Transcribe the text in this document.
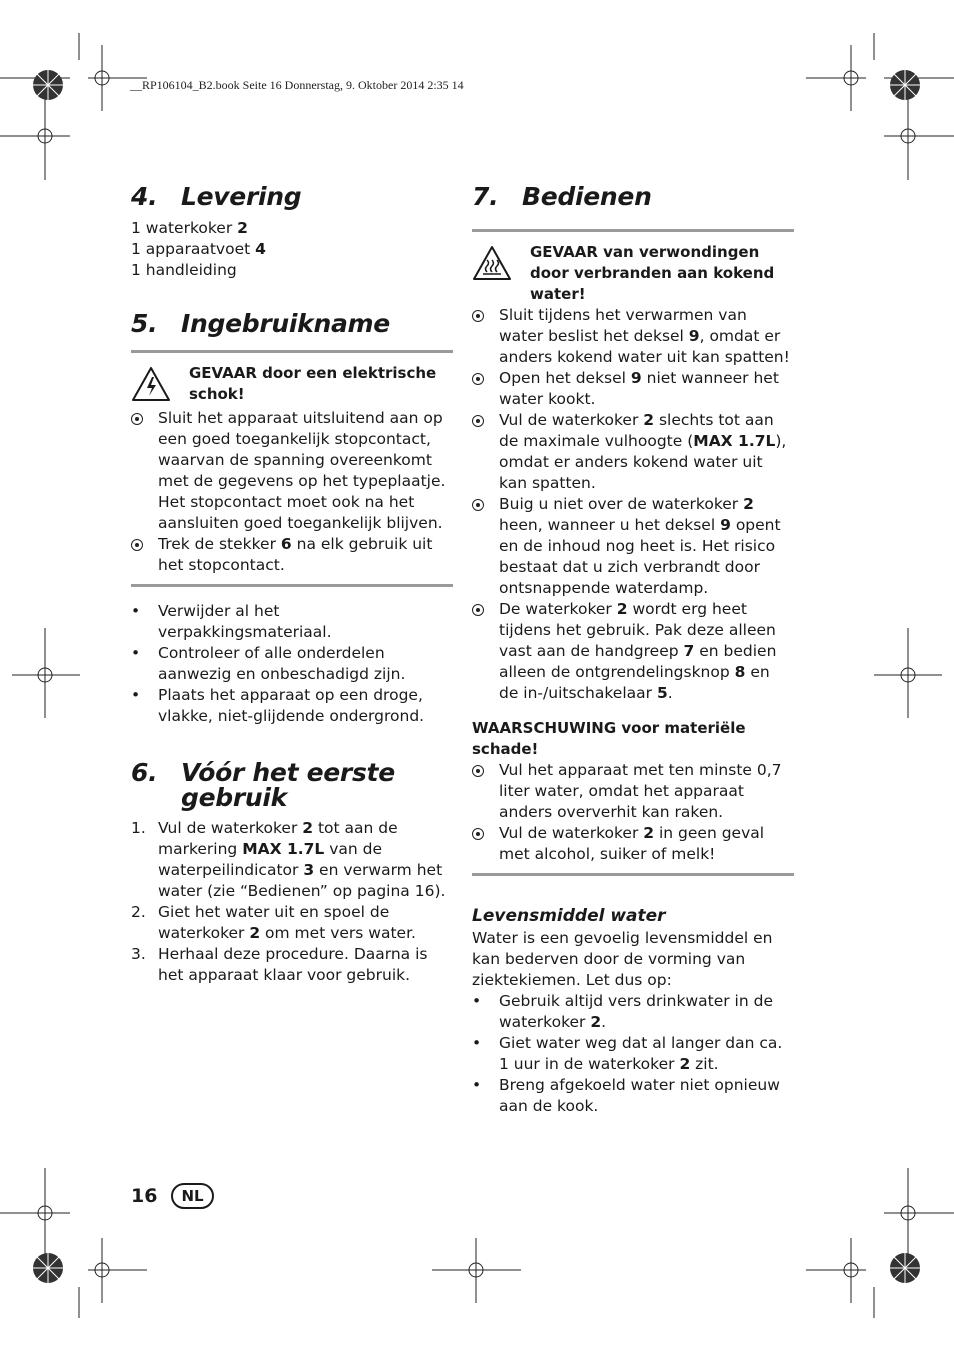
__RP106104_B2.book Seite 16 Donnerstag, 9. Oktober 2014 2:35 14
4. Levering
1 waterkoker 2
1 apparaatvoet 4
1 handleiding
5. Ingebruikname
GEVAAR door een elektrische schok!
Sluit het apparaat uitsluitend aan op een goed toegankelijk stopcontact, waarvan de spanning overeenkomt met de gegevens op het typeplaatje. Het stopcontact moet ook na het aansluiten goed toegankelijk blijven.
Trek de stekker 6 na elk gebruik uit het stopcontact.
•	Verwijder al het verpakkingsmateriaal.
•	Controleer of alle onderdelen aanwezig en onbeschadigd zijn.
•	Plaats het apparaat op een droge, vlakke, niet-glijdende ondergrond.
6. Vóór het eerste gebruik
1. Vul de waterkoker 2 tot aan de markering MAX 1.7L van de waterpeilindicator 3 en verwarm het water (zie “Bedienen” op pagina 16).
2. Giet het water uit en spoel de waterkoker 2 om met vers water.
3. Herhaal deze procedure. Daarna is het apparaat klaar voor gebruik.
7. Bedienen
GEVAAR van verwondingen door verbranden aan kokend water!
Sluit tijdens het verwarmen van water beslist het deksel 9, omdat er anders kokend water uit kan spatten!
Open het deksel 9 niet wanneer het water kookt.
Vul de waterkoker 2 slechts tot aan de maximale vulhoogte (MAX 1.7L), omdat er anders kokend water uit kan spatten.
Buig u niet over de waterkoker 2 heen, wanneer u het deksel 9 opent en de inhoud nog heet is. Het risico bestaat dat u zich verbrandt door ontsnappende waterdamp.
De waterkoker 2 wordt erg heet tijdens het gebruik. Pak deze alleen vast aan de handgreep 7 en bedien alleen de ontgrendelingsknop 8 en de in-/uitschakelaar 5.
WAARSCHUWING voor materiële schade!
Vul het apparaat met ten minste 0,7 liter water, omdat het apparaat anders oververhit kan raken.
Vul de waterkoker 2 in geen geval met alcohol, suiker of melk!
Levensmiddel water
Water is een gevoelig levensmiddel en kan bederven door de vorming van ziektekiemen. Let dus op:
•	Gebruik altijd vers drinkwater in de waterkoker 2.
•	Giet water weg dat al langer dan ca. 1 uur in de waterkoker 2 zit.
•	Breng afgekoeld water niet opnieuw aan de kook.
16	NL
